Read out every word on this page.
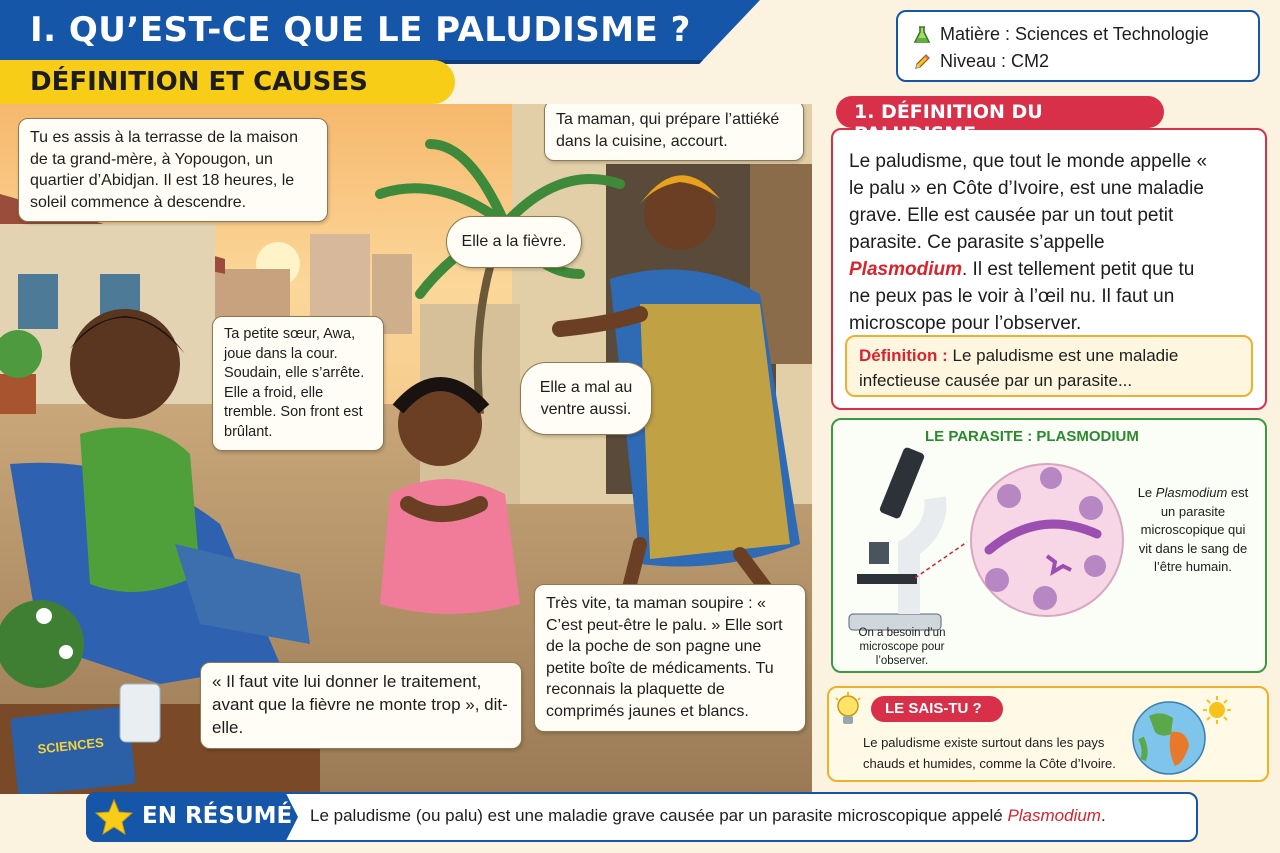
I. QU’EST-CE QUE LE PALUDISME ?
DÉFINITION ET CAUSES
Matière : Sciences et Technologie
Niveau : CM2
SCIENCES
Tu es assis à la terrasse de la maison de ta grand-mère, à Yopougon, un quartier d’Abidjan. Il est 18 heures, le soleil commence à descendre.
Ta maman, qui prépare l’attiéké dans la cuisine, accourt.
Elle a la fièvre.
Ta petite sœur, Awa, joue dans la cour. Soudain, elle s’arrête. Elle a froid, elle tremble. Son front est brûlant.
Elle a mal au ventre aussi.
Très vite, ta maman soupire : « C’est peut-être le palu. » Elle sort de la poche de son pagne une petite boîte de médicaments. Tu reconnais la plaquette de comprimés jaunes et blancs.
« Il faut vite lui donner le traitement, avant que la fièvre ne monte trop », dit-elle.
Le paludisme, que tout le monde appelle « le palu » en Côte d’Ivoire, est une maladie grave. Elle est causée par un tout petit parasite. Ce parasite s’appelle Plasmodium. Il est tellement petit que tu ne peux pas le voir à l’œil nu. Il faut un microscope pour l’observer.
Définition : Le paludisme est une maladie infectieuse causée par un parasite...
1. DÉFINITION DU PALUDISME
LE PARASITE : PLASMODIUM
On a besoin d’un microscope pour l’observer.
Le Plasmodium est un parasite microscopique qui vit dans le sang de l’être humain.
LE SAIS-TU ?
Le paludisme existe surtout dans les pays chauds et humides, comme la Côte d’Ivoire.
EN RÉSUMÉ Le paludisme (ou palu) est une maladie grave causée par un parasite microscopique appelé Plasmodium.
